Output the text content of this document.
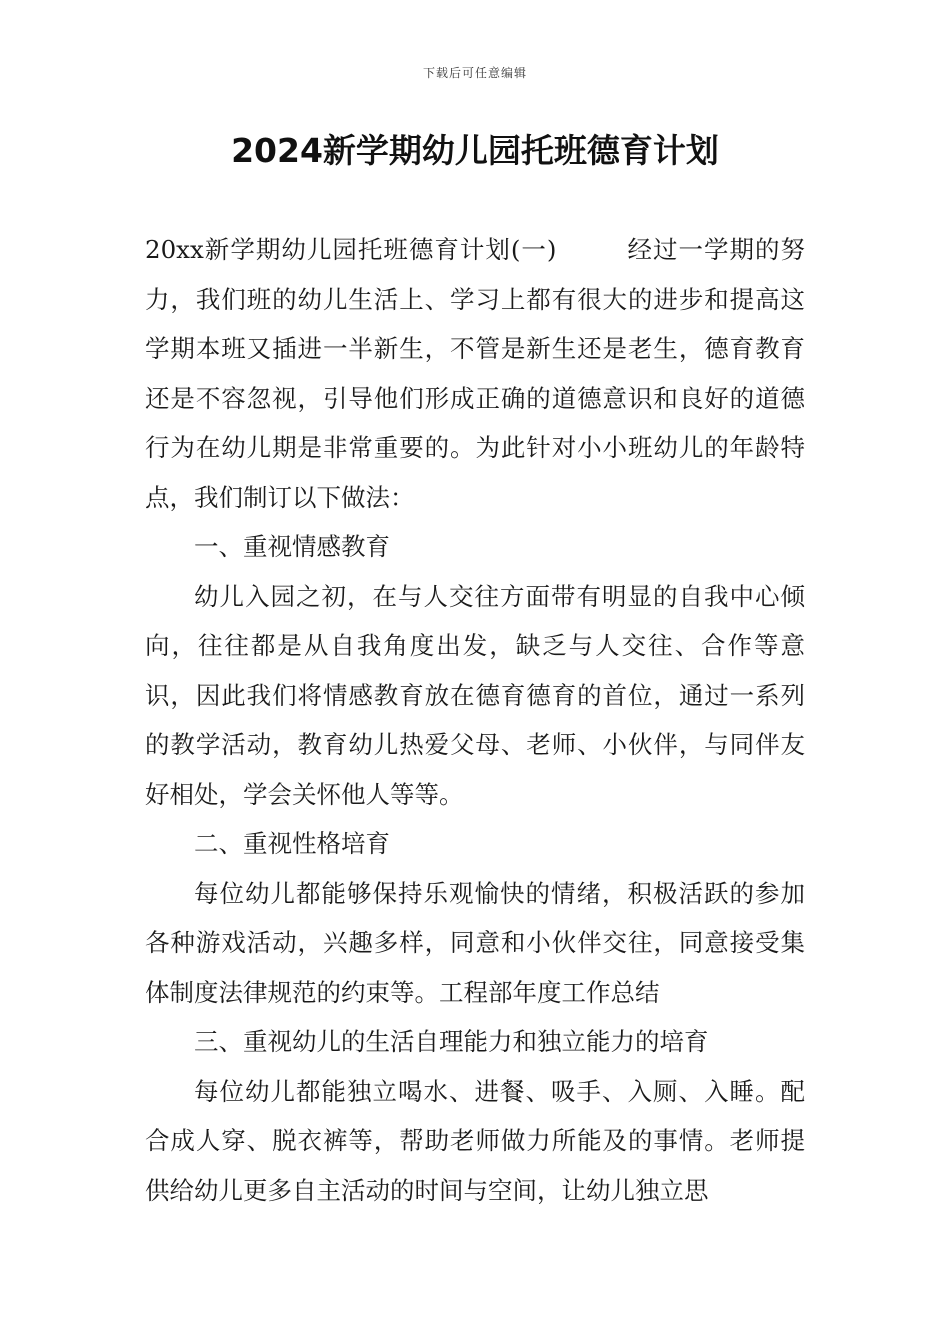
下载后可任意编辑
2024新学期幼儿园托班德育计划

20xx新学期幼儿园托班德育计划(一)	经过一学期的努力，我们班的幼儿生活上、学习上都有很大的进步和提高这学期本班又插进一半新生，不管是新生还是老生，德育教育还是不容忽视，引导他们形成正确的道德意识和良好的道德行为在幼儿期是非常重要的。为此针对小小班幼儿的年龄特点，我们制订以下做法：

一、重视情感教育

幼儿入园之初，在与人交往方面带有明显的自我中心倾向，往往都是从自我角度出发，缺乏与人交往、合作等意识，因此我们将情感教育放在德育德育的首位，通过一系列的教学活动，教育幼儿热爱父母、老师、小伙伴，与同伴友好相处，学会关怀他人等等。

二、重视性格培育

每位幼儿都能够保持乐观愉快的情绪，积极活跃的参加各种游戏活动，兴趣多样，同意和小伙伴交往，同意接受集体制度法律规范的约束等。工程部年度工作总结

三、重视幼儿的生活自理能力和独立能力的培育

每位幼儿都能独立喝水、进餐、吸手、入厕、入睡。配合成人穿、脱衣裤等，帮助老师做力所能及的事情。老师提供给幼儿更多自主活动的时间与空间，让幼儿独立思
